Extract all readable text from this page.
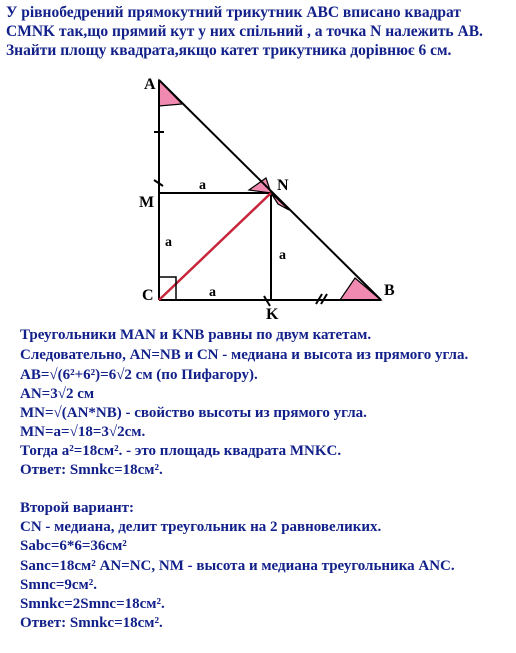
У рівнобедрений прямокутний трикутник ABC вписано квадрат
CMNK так,що прямий кут у них спільний , а точка N належить AB.
Знайти площу квадрата,якщо катет трикутника дорівнює 6 см.
A
M
N
C
K
B
a
a
a
a
Треугольники MAN и KNB равны по двум катетам.
Следовательно, AN=NB и CN - медиана и высота из прямого угла.
AB=√(6²+6²)=6√2 см (по Пифагору).
AN=3√2 см
MN=√(AN*NB) - свойство высоты из прямого угла.
MN=a=√18=3√2см.
Тогда a²=18cм². - это площадь квадрата MNKC.
Ответ: Smnkc=18cм².
Второй вариант:
CN - медиана, делит треугольник на 2 равновеликих.
Sabc=6*6=36cм²
Sanc=18cм² AN=NC, NM - высота и медиана треугольника ANC.
Smnc=9cм².
Smnkc=2Smnc=18cм².
Ответ: Smnkc=18cм².
